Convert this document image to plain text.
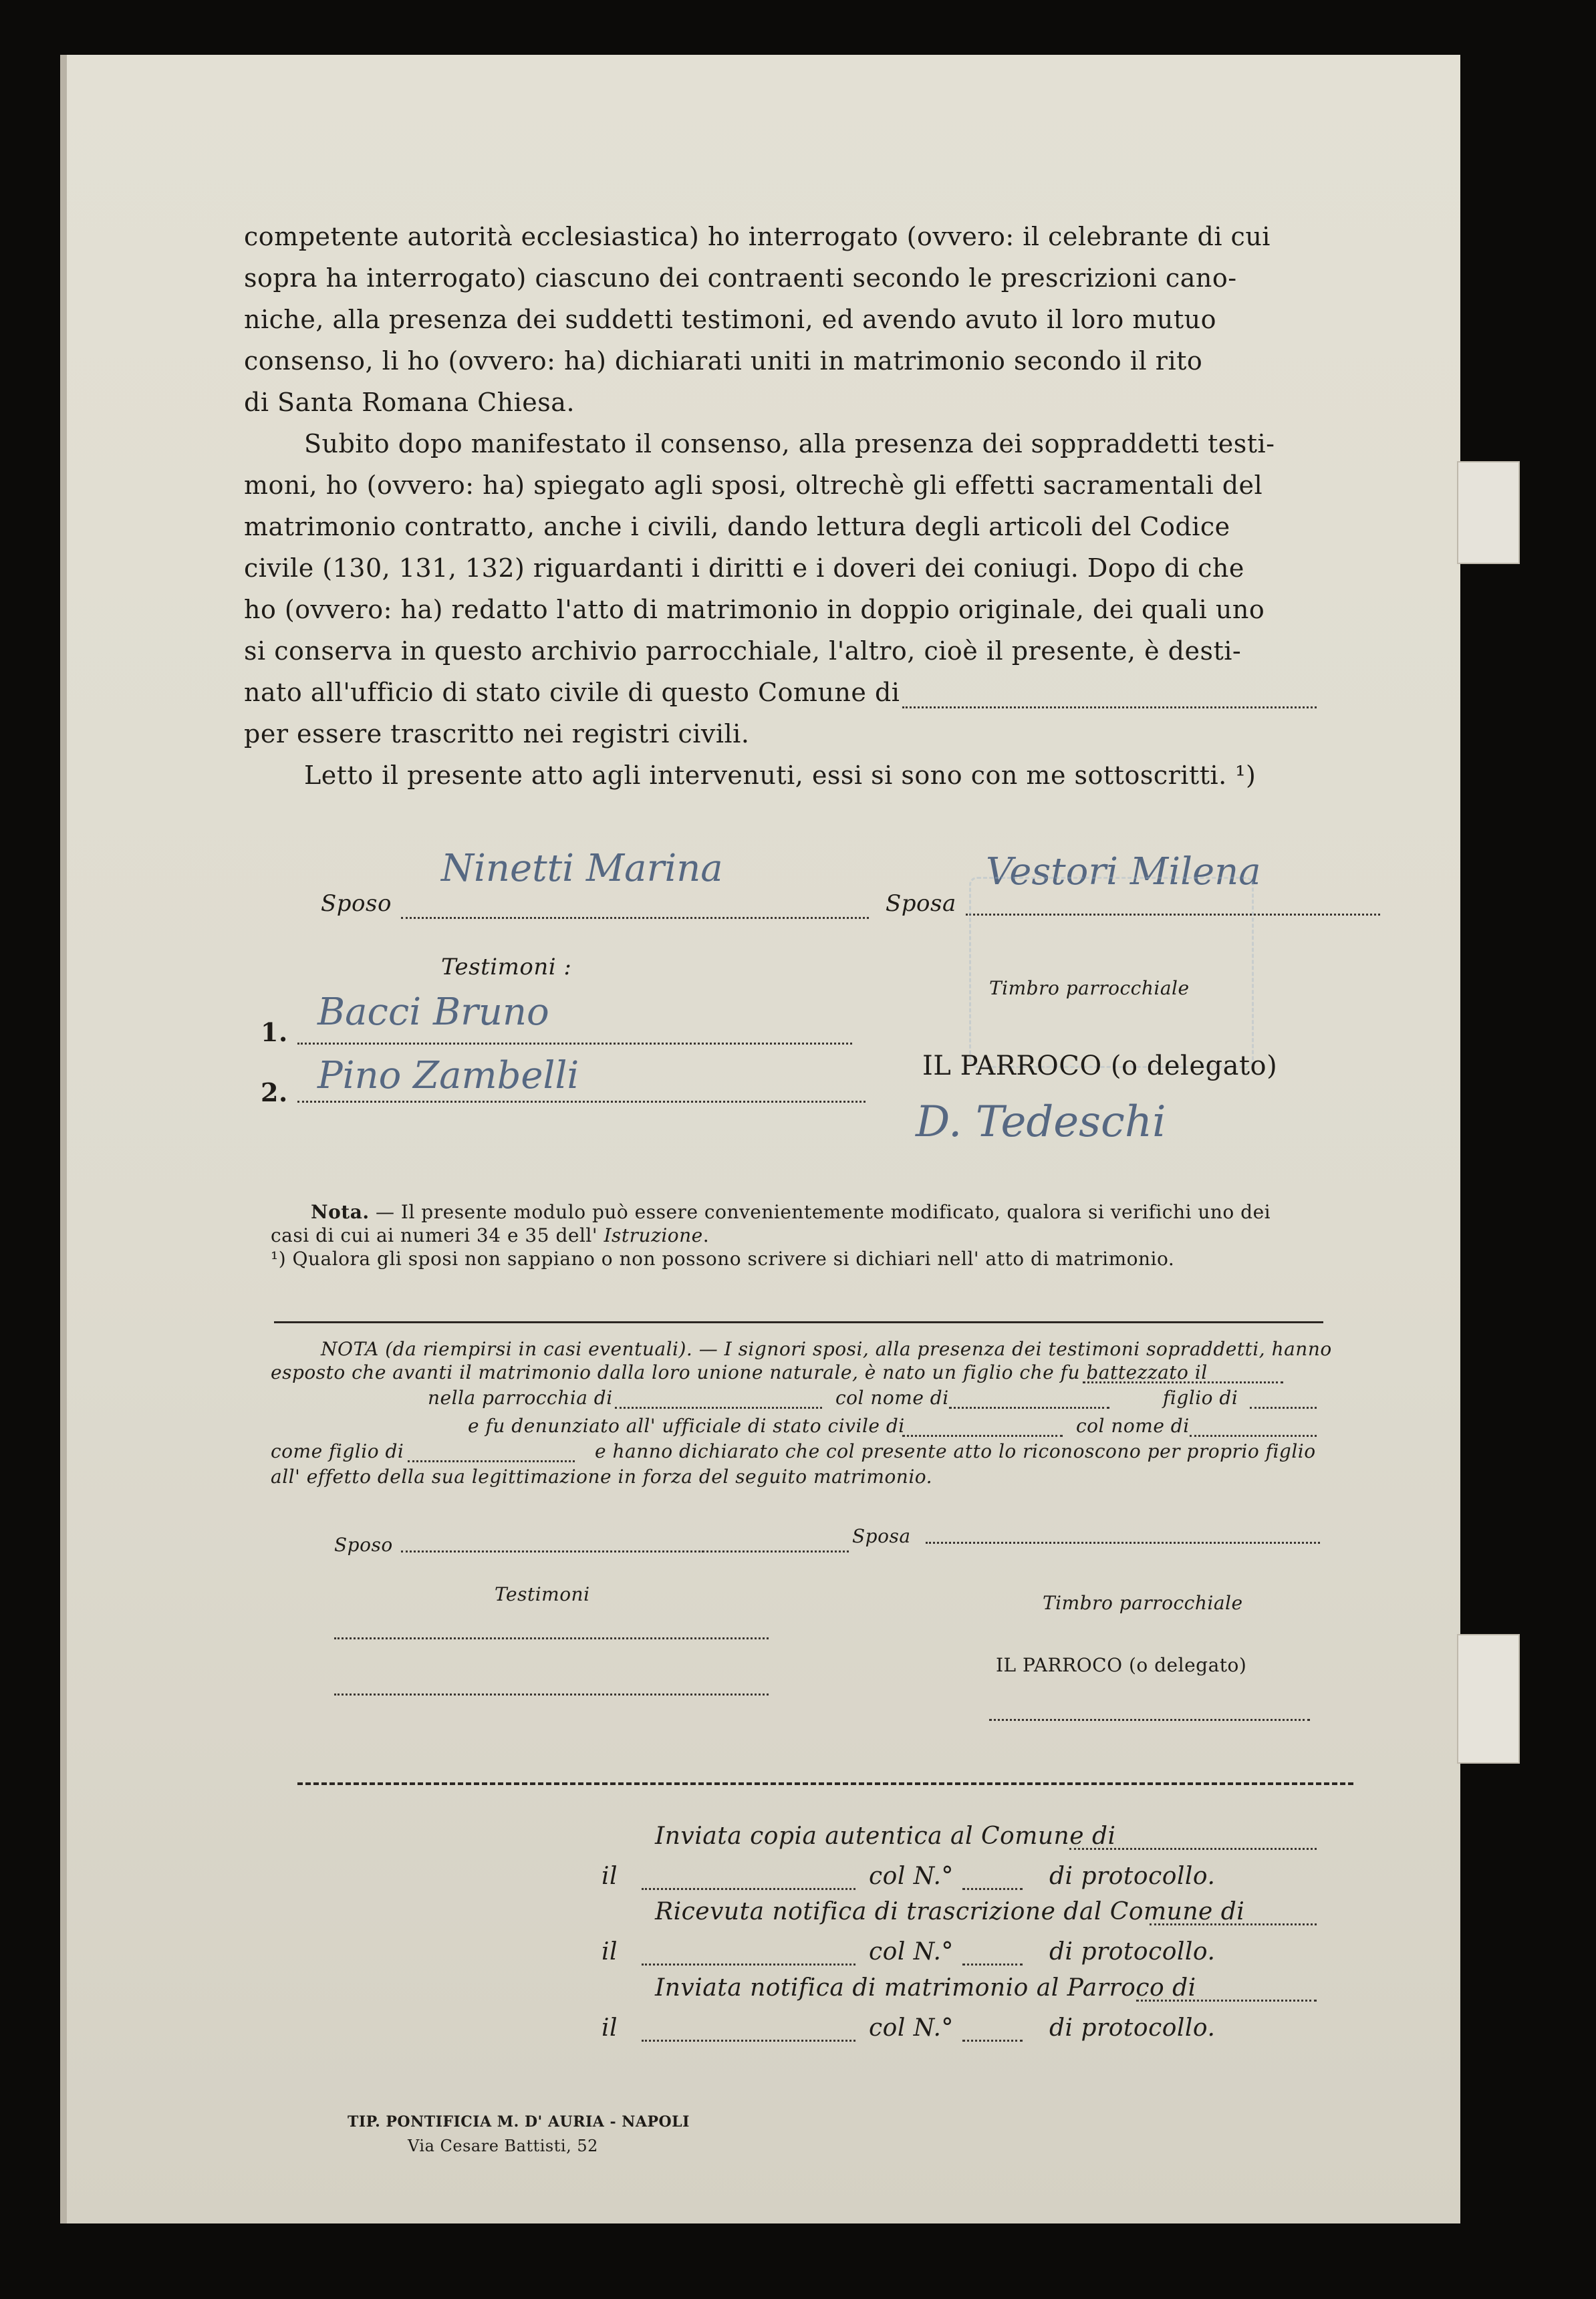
competente autorità ecclesiastica) ho interrogato (ovvero: il celebrante di cui
sopra ha interrogato) ciascuno dei contraenti secondo le prescrizioni cano-
niche, alla presenza dei suddetti testimoni, ed avendo avuto il loro mutuo
consenso, li ho (ovvero: ha) dichiarati uniti in matrimonio secondo il rito
di Santa Romana Chiesa.
Subito dopo manifestato il consenso, alla presenza dei soppraddetti testi-
moni, ho (ovvero: ha) spiegato agli sposi, oltrechè gli effetti sacramentali del
matrimonio contratto, anche i civili, dando lettura degli articoli del Codice
civile (130, 131, 132) riguardanti i diritti e i doveri dei coniugi. Dopo di che
ho (ovvero: ha) redatto l'atto di matrimonio in doppio originale, dei quali uno
si conserva in questo archivio parrocchiale, l'altro, cioè il presente, è desti-
nato all'ufficio di stato civile di questo Comune di
per essere trascritto nei registri civili.
Letto il presente atto agli intervenuti, essi si sono con me sottoscritti. ¹)
Sposo
Ninetti Marina
Sposa
Vestori Milena
Testimoni :
Timbro parrocchiale
1. Bacci Bruno
2. Pino Zambelli	IL PARROCO (o delegato)
D. Tedeschi
Nota. — Il presente modulo può essere convenientemente modificato, qualora si verifichi uno dei
casi di cui ai numeri 34 e 35 dell' Istruzione.
¹) Qualora gli sposi non sappiano o non possono scrivere si dichiari nell' atto di matrimonio.
NOTA (da riempirsi in casi eventuali). — I signori sposi, alla presenza dei testimoni sopraddetti, hanno
esposto che avanti il matrimonio dalla loro unione naturale, è nato un figlio che fu battezzato il
nella parrocchia di	col nome di	figlio di
e fu denunziato all' ufficiale di stato civile di	col nome di
come figlio di	e hanno dichiarato che col presente atto lo riconoscono per proprio figlio
all' effetto della sua legittimazione in forza del seguito matrimonio.
Sposo	Sposa
Testimoni	Timbro parrocchiale
IL PARROCO (o delegato)
Inviata copia autentica al Comune di
il	col N.°	di protocollo.
Ricevuta notifica di trascrizione dal Comune di
il	col N.°	di protocollo.
Inviata notifica di matrimonio al Parroco di
il	col N.°	di protocollo.
TIP. PONTIFICIA M. D' AURIA - NAPOLI
Via Cesare Battisti, 52
